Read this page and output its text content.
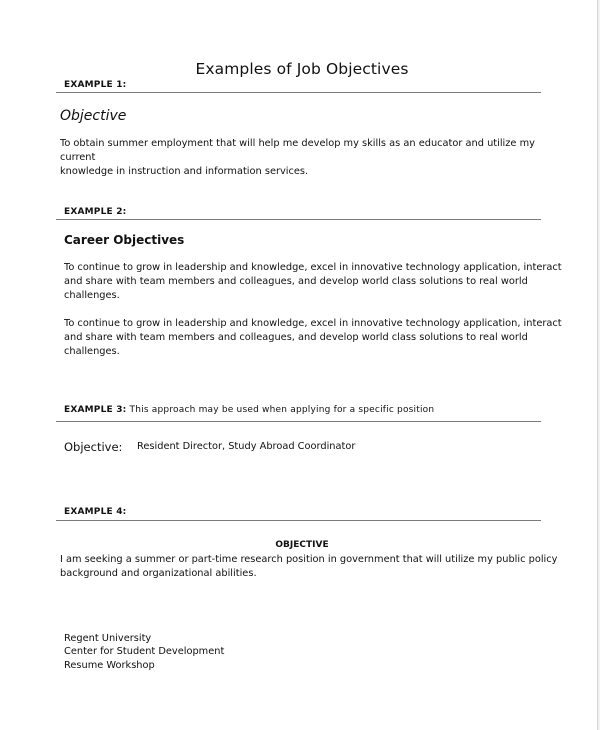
Examples of Job Objectives
EXAMPLE 1:
Objective
To obtain summer employment that will help me develop my skills as an educator and utilize my current
knowledge in instruction and information services.
EXAMPLE 2:
Career Objectives
To continue to grow in leadership and knowledge, excel in innovative technology application, interact
and share with team members and colleagues, and develop world class solutions to real world
challenges.
To continue to grow in leadership and knowledge, excel in innovative technology application, interact
and share with team members and colleagues, and develop world class solutions to real world
challenges.
EXAMPLE 3: This approach may be used when applying for a specific position
Objective: Resident Director, Study Abroad Coordinator
EXAMPLE 4:
OBJECTIVE
I am seeking a summer or part-time research position in government that will utilize my public policy
background and organizational abilities.
Regent University
Center for Student Development
Resume Workshop
